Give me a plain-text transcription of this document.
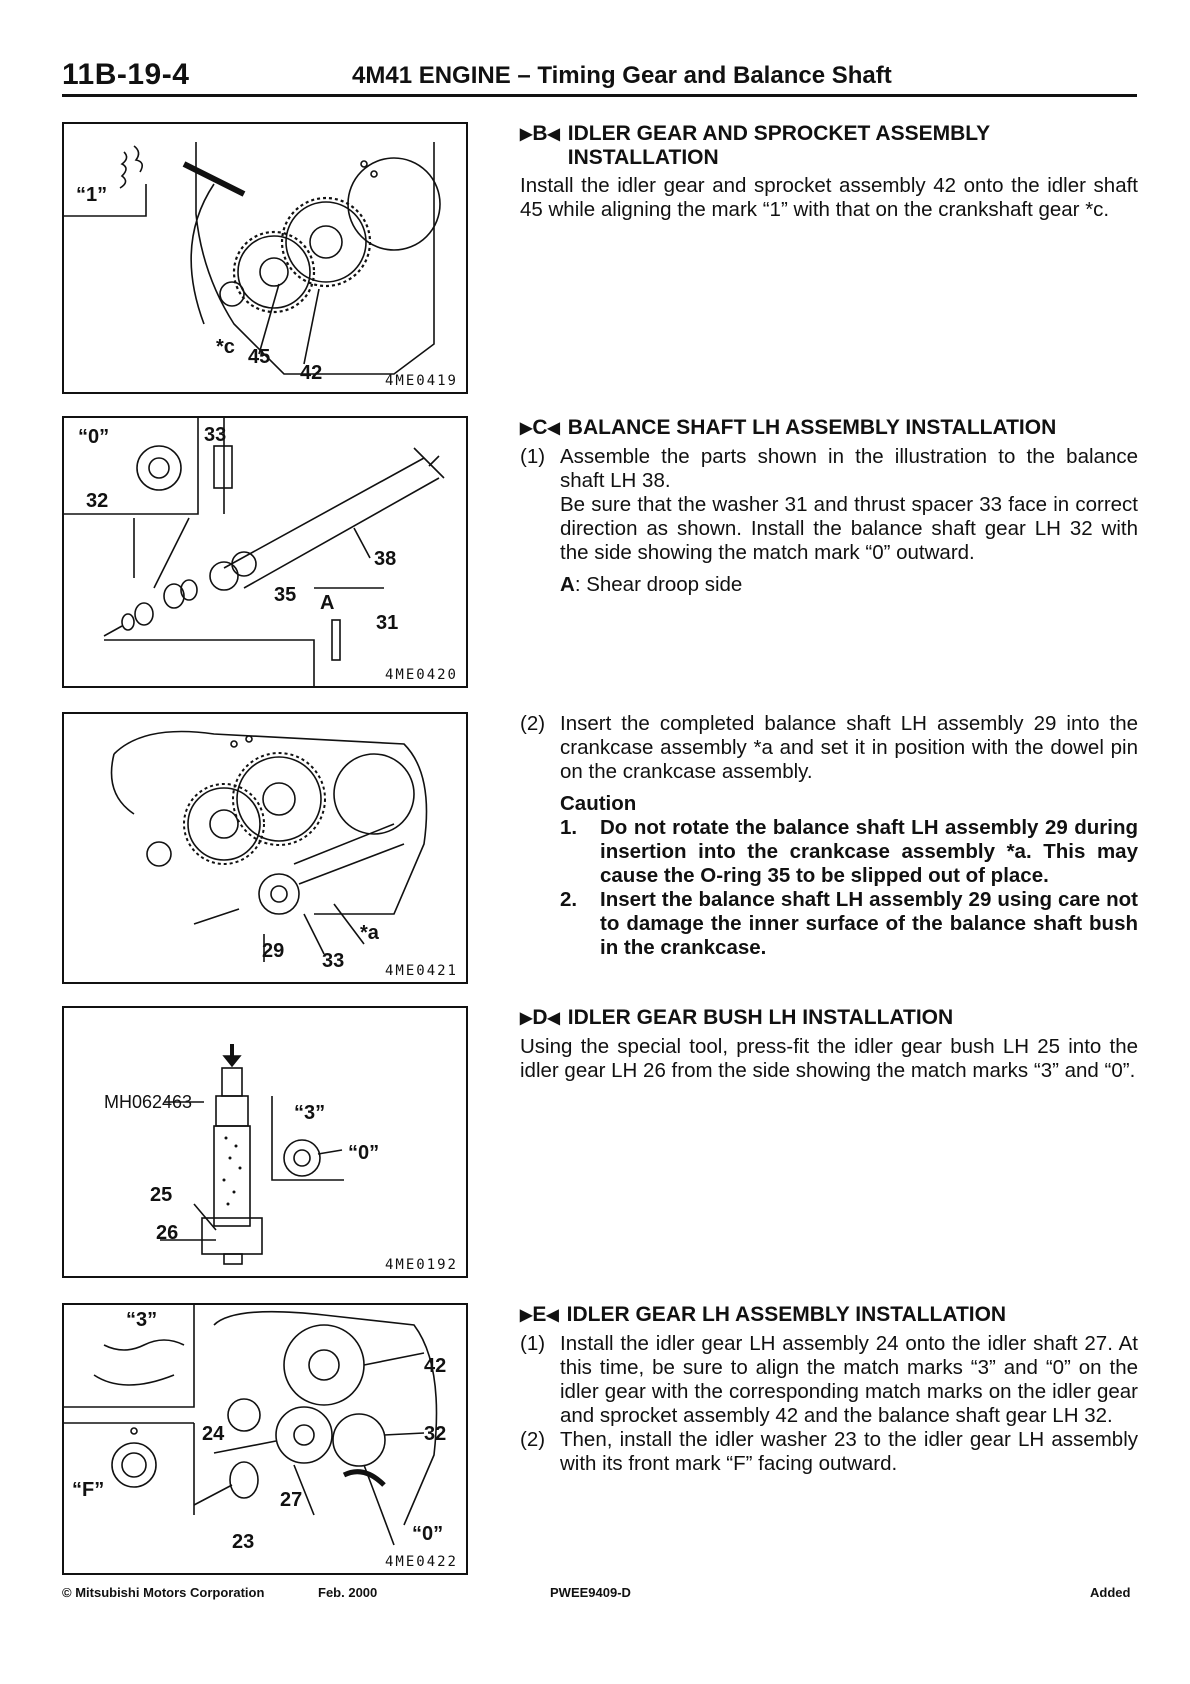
11B-19-4	4M41 ENGINE – Timing Gear and Balance Shaft
“1”
*c 45
42	4ME0419
“0”	33
32
38
35 A
31
4ME0420
29 33
*a
4ME0421
MH062463	“3”
“0”
25
26
4ME0192
“3”
42
24	32
“F”	27
23	“0”
4ME0422
▶B◀ IDLER GEAR AND SPROCKET ASSEMBLY INSTALLATION

Install the idler gear and sprocket assembly 42 onto the idler shaft 45 while aligning the mark “1” with that on the crankshaft gear *c.

▶C◀ BALANCE SHAFT LH ASSEMBLY INSTALLATION
(1) Assemble the parts shown in the illustration to the balance shaft LH 38.

Be sure that the washer 31 and thrust spacer 33 face in correct direction as shown. Install the balance shaft gear LH 32 with the side showing the match mark “0” outward.

A: Shear droop side

(2) Insert the completed balance shaft LH assembly 29 into the crankcase assembly *a and set it in position with the dowel pin on the crankcase assembly.
Caution
1.	Do not rotate the balance shaft LH assembly 29 during insertion into the crankcase assembly *a. This may cause the O-ring 35 to be slipped out of place.
2.	Insert the balance shaft LH assembly 29 using care not to damage the inner surface of the balance shaft bush in the crankcase.
▶D◀ IDLER GEAR BUSH LH INSTALLATION

Using the special tool, press-fit the idler gear bush LH 25 into the idler gear LH 26 from the side showing the match marks “3” and “0”.

▶E◀ IDLER GEAR LH ASSEMBLY INSTALLATION
(1) Install the idler gear LH assembly 24 onto the idler shaft 27. At this time, be sure to align the match marks “3” and “0” on the idler gear with the corresponding match marks on the idler gear and sprocket assembly 42 and the balance shaft gear LH 32.
(2) Then, install the idler washer 23 to the idler gear LH assembly with its front mark “F” facing outward.
© Mitsubishi Motors Corporation	Feb. 2000	PWEE9409-D	Added
